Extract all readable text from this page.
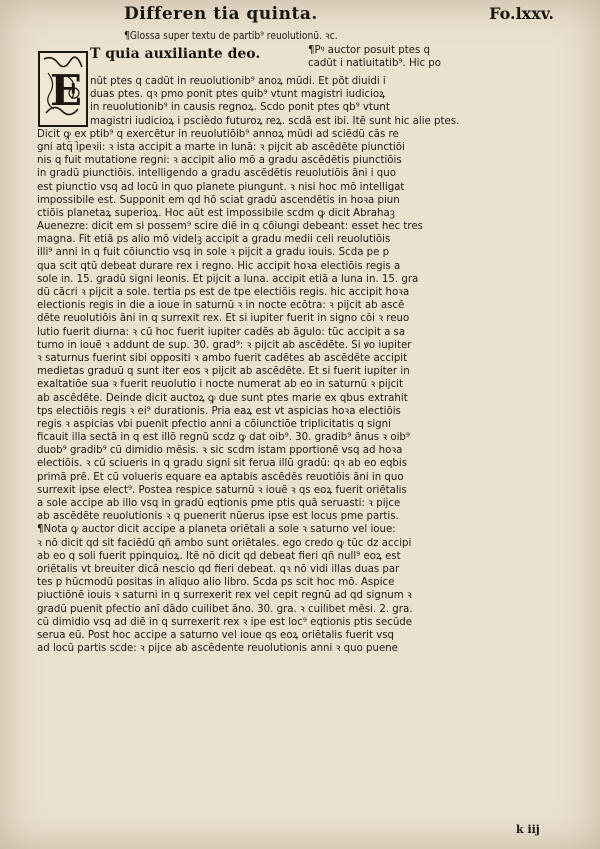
Differen tia quinta.	Fo.lxxv.
¶Glossa super textu de partib⁹ reuolutionū. ꝛc.
E
T quia auxiliante deo.	¶Pꝰ auctor posuit ptes q
cadūt i natiuitatib⁹. Hic po
nūt ptes q cadūt in reuolutionib⁹ anoꝝ mūdi. Et pōt diuidi i
duas ptes. qꝛ pmo ponit ptes quib⁹ vtunt magistri iudicioꝝ
in reuolutionib⁹ in causis regnoꝝ. Scdo ponit ptes qb⁹ vtunt
magistri iudicioꝝ i pscièdo futuroꝝ reꝝ. scdā est ibi. Itē sunt hic alie ptes.
Dicit ꝙ ex ptib⁹ q exercētur in reuolutiōib⁹ annoꝝ mūdi ad sciēdū cās re
gni atq͡ ipeꝛii: ꝛ ista accipit a marte in lunā: ꝛ pijcit ab ascēdēte piunctiōi
nis q fuit mutatione regni: ꝛ accipit alio mō a gradu ascēdētis piunctiōis
in gradū piunctiōis. intelligendo a gradu ascēdētis reuolutiōis āni i quo
est piunctio vsq ad locū in quo planete piungunt. ꝛ nisi hoc mō intelligat
impossibile est. Supponit em qd hō sciat gradū ascendētis in hoꝛa piun
ctiōis planetaꝝ superioꝝ. Hoc aūt est impossibile scdm ꝙ dicit Abrahaꝫ
Auenezre: dicit em si possem⁹ scire diē in q cōiungi debeant: esset hec tres
magna. Fit etiā ps alio mō videlꝫ accipit a gradu medii celi reuolutiōis
illi⁹ anni in q fuit cōiunctio vsq in sole ꝛ pijcit a gradu iouis. Scda pe p
qua scit qtū debeat durare rex i regno. Hic accipit hoꝛa electiōis regis a
sole in. 15. gradū signi leonis. Et pijcit a luna. accipit etiā a luna in. 15. gra
dū cācri ꝛ pijcit a sole. tertia ps est de tpe electiōis regis. hic accipit hoꝛa
electionis regis in die a ioue in saturnū ꝛ in nocte ecōtra: ꝛ pijcit ab ascē
dēte reuolutiōis āni in q surrexit rex. Et si iupiter fuerit in signo cōi ꝛ reuo
lutio fuerit diurna: ꝛ cū hoc fuerit iupiter cadēs ab āgulo: tūc accipit a sa
turno in iouē ꝛ addunt de sup. 30. grad⁹: ꝛ pijcit ab ascēdēte. Si ꝟo iupiter
ꝛ saturnus fuerint sibi oppositi ꝛ ambo fuerit cadētes ab ascēdēte accipit
medietas graduū q sunt iter eos ꝛ pijcit ab ascēdēte. Et si fuerit iupiter in
exaltatiōe sua ꝛ fuerit reuolutio i nocte numerat ab eo in saturnū ꝛ pijcit
ab ascēdēte. Deinde dicit auctoꝝ ꝙ due sunt ptes marie ex qbus extrahit
tps electiōis regis ꝛ ei⁹ durationis. Pria eaꝝ est vt aspicias hoꝛa electiōis
regis ꝛ aspicias vbi puenit pfectio anni a cōiunctiōe triplicitatis q signi
ficauit illa sectā in q est illō regnū scdz ꝙ dat oib⁹. 30. gradib⁹ ānus ꝛ oib⁹
duob⁹ gradib⁹ cū dimidio mēsis. ꝛ sic scdm istam pportionē vsq ad hoꝛa
electiōis. ꝛ cū sciueris in q gradu signi sit ferua illū gradū: qꝛ ab eo eqbis
primā prē. Et cū volueris equare ea aptabis ascēdēs reuotiōis āni in quo
surrexit ipse elect⁹. Postea respice saturnū ꝛ iouē ꝛ qs eoꝝ fuerit oriētalis
a sole accipe ab illo vsq in gradū eqtionis pme ptis quā seruasti: ꝛ pijce
ab ascēdēte reuolutionis ꝛ q puenerit nūerus ipse est locus pme partis.
¶Nota ꝙ auctor dicit accipe a planeta oriētali a sole ꝛ saturno vel ioue:
ꝛ nō dicit qd sit faciēdū qñ ambo sunt oriētales. ego credo ꝙ tūc dz accipi
ab eo q soli fuerit ppinquioꝝ. Itē nō dicit qd debeat fieri qñ null⁹ eoꝝ est
oriētalis vt breuiter dicā nescio qd fieri debeat. qꝛ nō vidi illas duas par
tes p hūcmodū positas in aliquo alio libro. Scda ps scit hoc mō. Aspice
piuctiōnē iouis ꝛ saturni in q surrexerit rex vel cepit regnū ad qd signum ꝛ
gradū puenit pfectio anī dādo cuilibet āno. 30. gra. ꝛ cuilibet mēsi. 2. gra.
cū dimidio vsq ad diē in q surrexerit rex ꝛ ipe est loc⁹ eqtionis ptis secūde
serua eū. Post hoc accipe a saturno vel ioue qs eoꝝ oriētalis fuerit vsq
ad locū partis scde: ꝛ pijce ab ascēdente reuolutionis anni ꝛ quo puene
k iij
